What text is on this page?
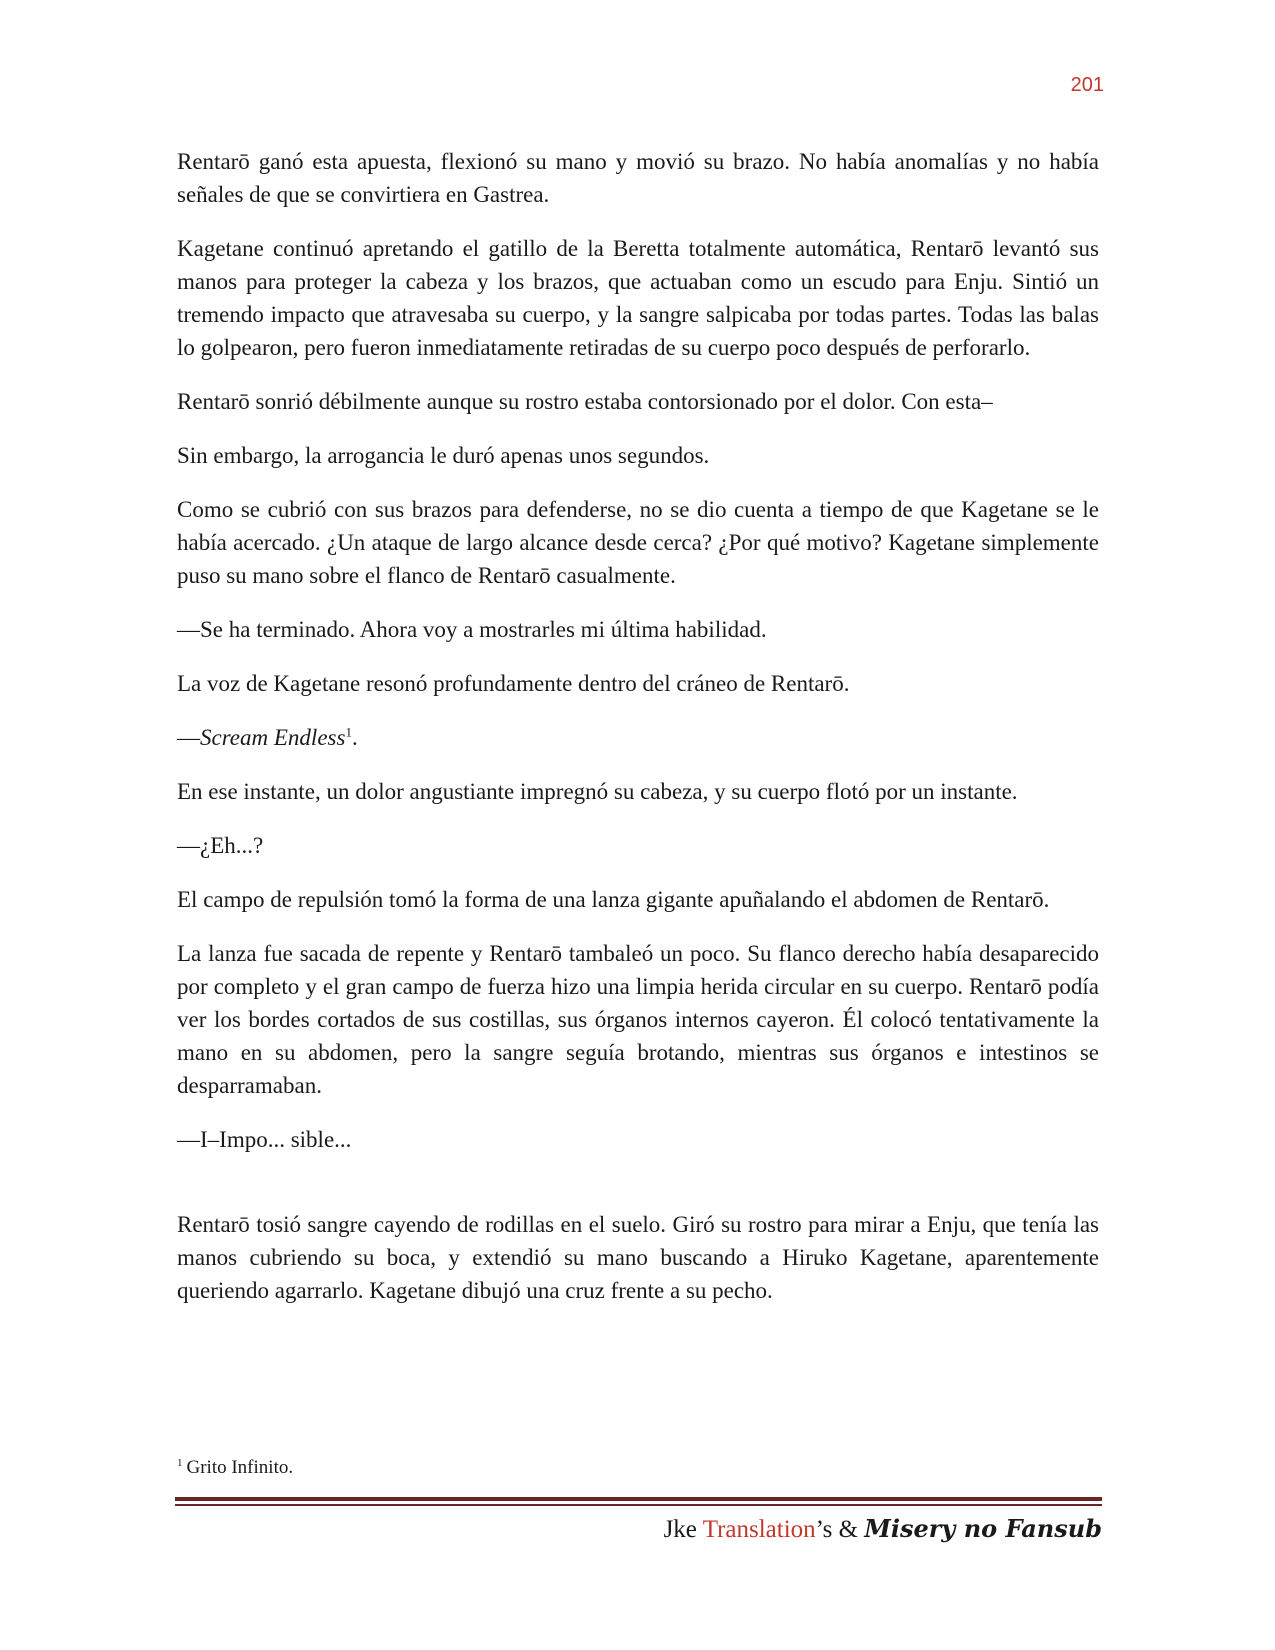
201

Rentarō ganó esta apuesta, flexionó su mano y movió su brazo. No había anomalías y no había señales de que se convirtiera en Gastrea.

Kagetane continuó apretando el gatillo de la Beretta totalmente automática, Rentarō levantó sus manos para proteger la cabeza y los brazos, que actuaban como un escudo para Enju. Sintió un tremendo impacto que atravesaba su cuerpo, y la sangre salpicaba por todas partes. Todas las balas lo golpearon, pero fueron inmediatamente retiradas de su cuerpo poco después de perforarlo.

Rentarō sonrió débilmente aunque su rostro estaba contorsionado por el dolor. Con esta–

Sin embargo, la arrogancia le duró apenas unos segundos.

Como se cubrió con sus brazos para defenderse, no se dio cuenta a tiempo de que Kagetane se le había acercado. ¿Un ataque de largo alcance desde cerca? ¿Por qué motivo? Kagetane simplemente puso su mano sobre el flanco de Rentarō casualmente.

—Se ha terminado. Ahora voy a mostrarles mi última habilidad.

La voz de Kagetane resonó profundamente dentro del cráneo de Rentarō.

—Scream Endless$^1$.

En ese instante, un dolor angustiante impregnó su cabeza, y su cuerpo flotó por un instante.

—¿Eh...?

El campo de repulsión tomó la forma de una lanza gigante apuñalando el abdomen de Rentarō.

La lanza fue sacada de repente y Rentarō tambaleó un poco. Su flanco derecho había desaparecido por completo y el gran campo de fuerza hizo una limpia herida circular en su cuerpo. Rentarō podía ver los bordes cortados de sus costillas, sus órganos internos cayeron. Él colocó tentativamente la mano en su abdomen, pero la sangre seguía brotando, mientras sus órganos e intestinos se desparramaban.

—I–Impo... sible...

Rentarō tosió sangre cayendo de rodillas en el suelo. Giró su rostro para mirar a Enju, que tenía las manos cubriendo su boca, y extendió su mano buscando a Hiruko Kagetane, aparentemente queriendo agarrarlo. Kagetane dibujó una cruz frente a su pecho.

$^1$ Grito Infinito.
Jke Translation’s & Misery no Fansub
